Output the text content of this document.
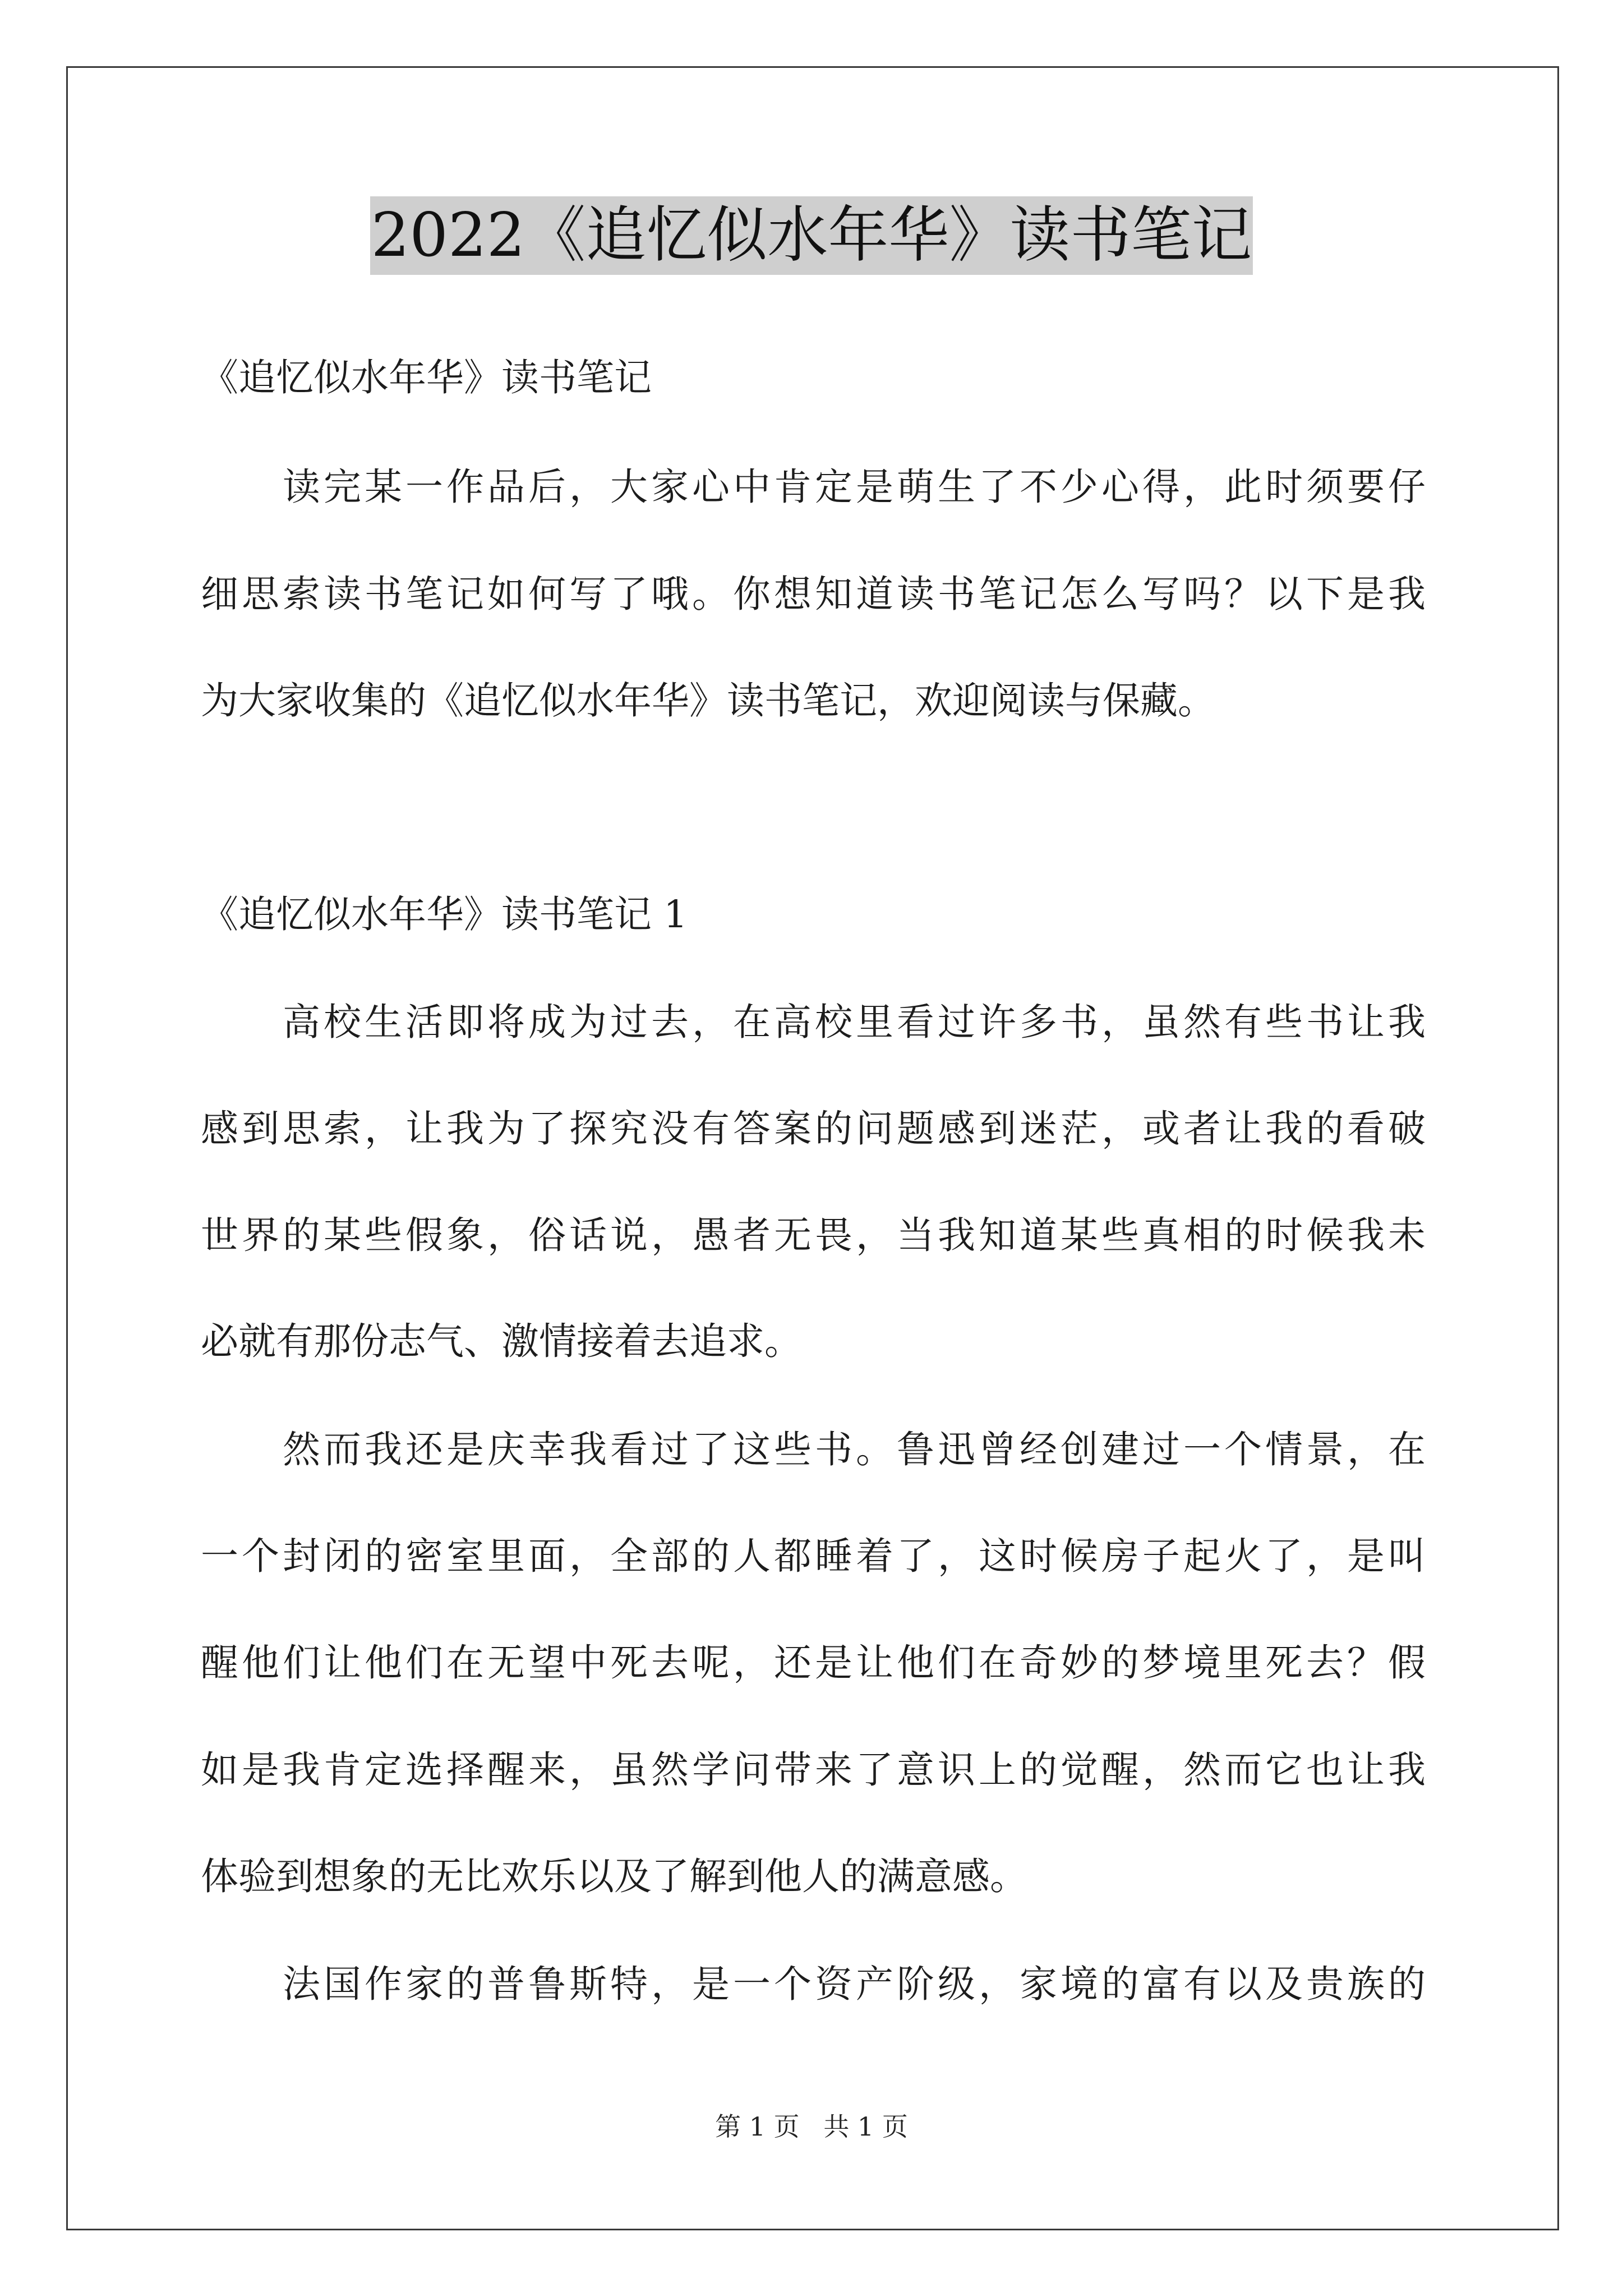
2022《追忆似水年华》读书笔记
《追忆似水年华》读书笔记
读完某一作品后，大家心中肯定是萌生了不少心得，此时须要仔
细思索读书笔记如何写了哦。你想知道读书笔记怎么写吗？以下是我
为大家收集的《追忆似水年华》读书笔记，欢迎阅读与保藏。
《追忆似水年华》读书笔记 1
高校生活即将成为过去，在高校里看过许多书，虽然有些书让我
感到思索，让我为了探究没有答案的问题感到迷茫，或者让我的看破
世界的某些假象，俗话说，愚者无畏，当我知道某些真相的时候我未
必就有那份志气、激情接着去追求。
然而我还是庆幸我看过了这些书。鲁迅曾经创建过一个情景，在
一个封闭的密室里面，全部的人都睡着了，这时候房子起火了，是叫
醒他们让他们在无望中死去呢，还是让他们在奇妙的梦境里死去？假
如是我肯定选择醒来，虽然学问带来了意识上的觉醒，然而它也让我
体验到想象的无比欢乐以及了解到他人的满意感。
法国作家的普鲁斯特，是一个资产阶级，家境的富有以及贵族的
第 1 页 共 1 页
